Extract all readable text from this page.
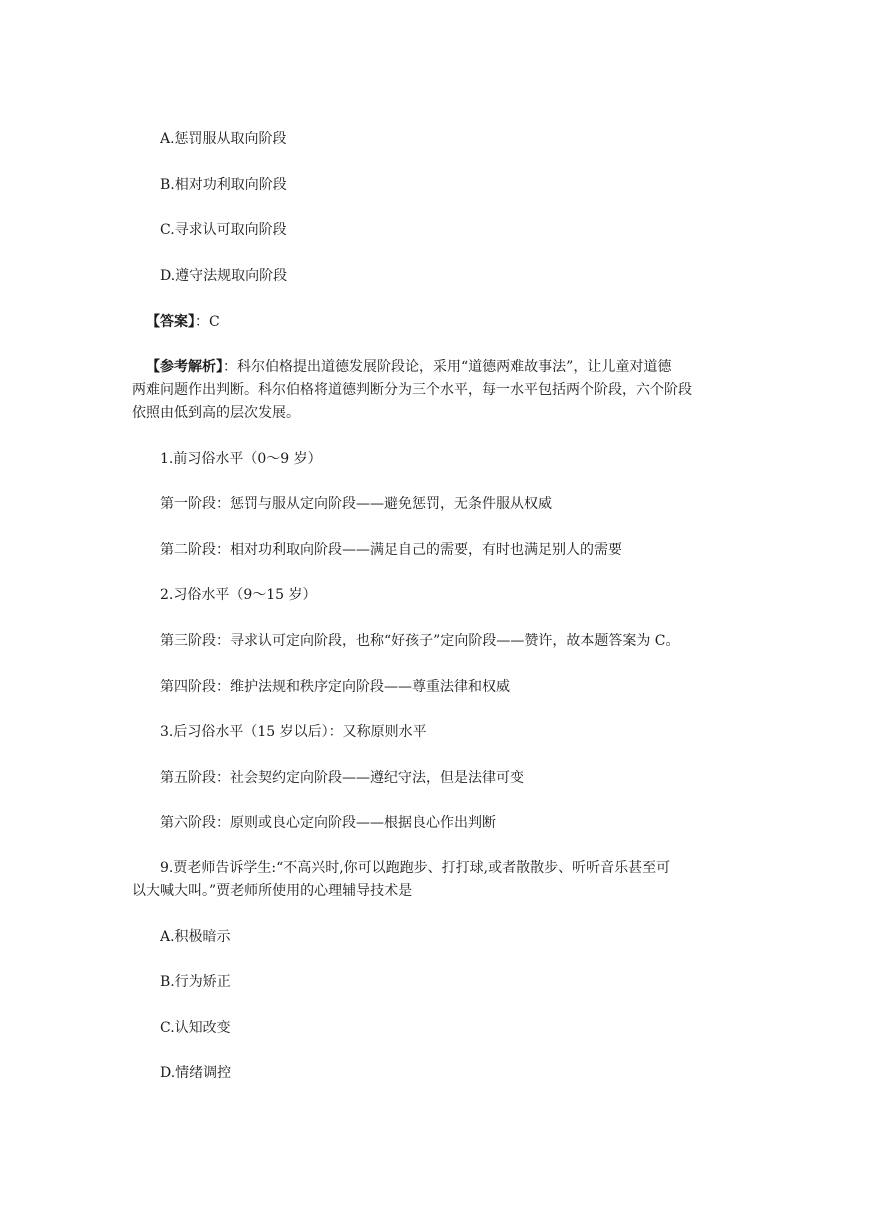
A.惩罚服从取向阶段
B.相对功利取向阶段
C.寻求认可取向阶段
D.遵守法规取向阶段
【答案】：C
【参考解析】：科尔伯格提出道德发展阶段论，采用“道德两难故事法”，让儿童对道德
两难问题作出判断。科尔伯格将道德判断分为三个水平，每一水平包括两个阶段，六个阶段
依照由低到高的层次发展。
1.前习俗水平（0～9 岁）
第一阶段：惩罚与服从定向阶段——避免惩罚，无条件服从权威
第二阶段：相对功利取向阶段——满足自己的需要，有时也满足别人的需要
2.习俗水平（9～15 岁）
第三阶段：寻求认可定向阶段，也称“好孩子”定向阶段——赞许，故本题答案为 C。
第四阶段：维护法规和秩序定向阶段——尊重法律和权威
3.后习俗水平（15 岁以后）：又称原则水平
第五阶段：社会契约定向阶段——遵纪守法，但是法律可变
第六阶段：原则或良心定向阶段——根据良心作出判断
9.贾老师告诉学生:“不高兴时,你可以跑跑步、打打球,或者散散步、听听音乐甚至可
以大喊大叫。”贾老师所使用的心理辅导技术是
A.积极暗示
B.行为矫正
C.认知改变
D.情绪调控
